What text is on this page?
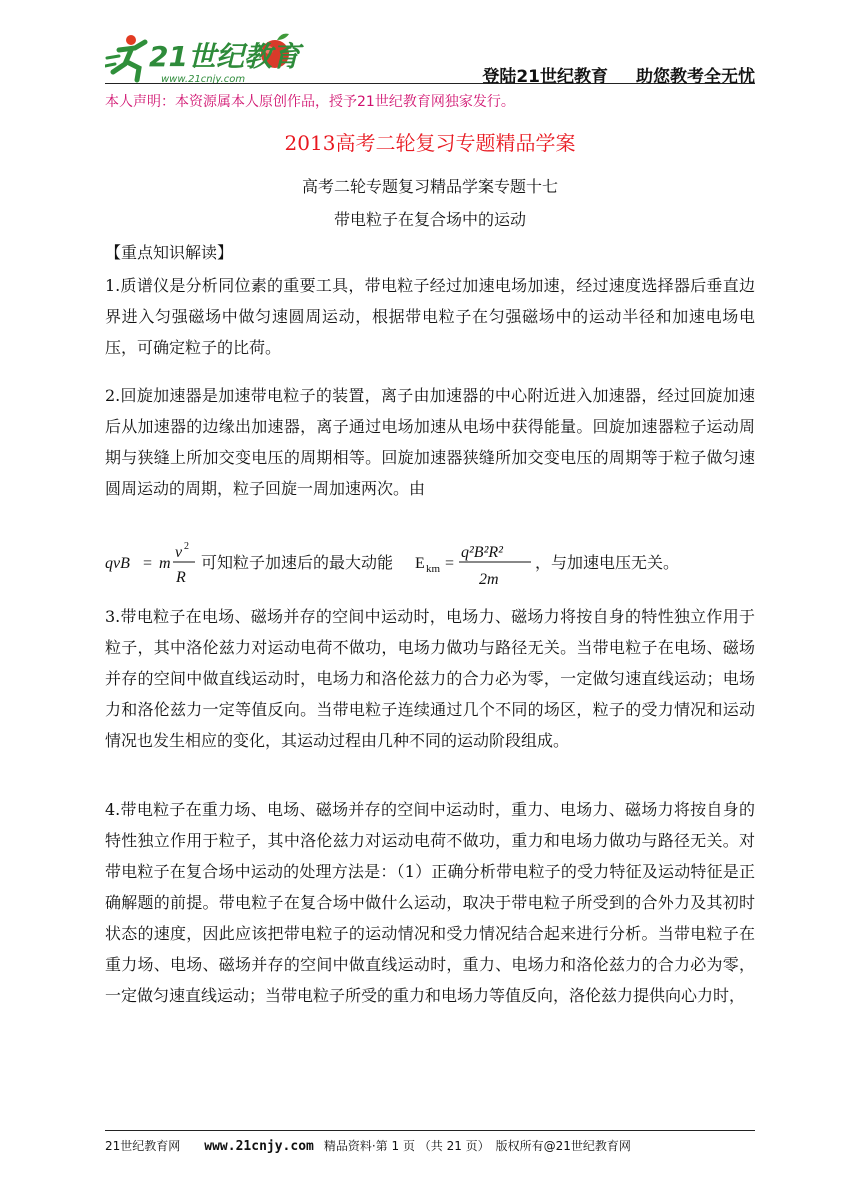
21世纪教育
www.21cnjy.com	登陆21世纪教育 助您教考全无忧
本人声明：本资源属本人原创作品，授予21世纪教育网独家发行。
2013高考二轮复习专题精品学案
高考二轮专题复习精品学案专题十七
带电粒子在复合场中的运动
【重点知识解读】

1.质谱仪是分析同位素的重要工具，带电粒子经过加速电场加速，经过速度选择器后垂直边界进入匀强磁场中做匀速圆周运动，根据带电粒子在匀强磁场中的运动半径和加速电场电压，可确定粒子的比荷。

2.回旋加速器是加速带电粒子的装置，离子由加速器的中心附近进入加速器，经过回旋加速后从加速器的边缘出加速器，离子通过电场加速从电场中获得能量。回旋加速器粒子运动周期与狭缝上所加交变电压的周期相等。回旋加速器狭缝所加交变电压的周期等于粒子做匀速圆周运动的周期，粒子回旋一周加速两次。由

qvB = m
v 2
R
可知粒子加速后的最大动能 E km =
q²B²R²
2m
，与加速电压无关。

3.带电粒子在电场、磁场并存的空间中运动时，电场力、磁场力将按自身的特性独立作用于粒子，其中洛伦兹力对运动电荷不做功，电场力做功与路径无关。当带电粒子在电场、磁场并存的空间中做直线运动时，电场力和洛伦兹力的合力必为零，一定做匀速直线运动；电场力和洛伦兹力一定等值反向。当带电粒子连续通过几个不同的场区，粒子的受力情况和运动情况也发生相应的变化，其运动过程由几种不同的运动阶段组成。

4.带电粒子在重力场、电场、磁场并存的空间中运动时，重力、电场力、磁场力将按自身的特性独立作用于粒子，其中洛伦兹力对运动电荷不做功，重力和电场力做功与路径无关。对带电粒子在复合场中运动的处理方法是：（1）正确分析带电粒子的受力特征及运动特征是正确解题的前提。带电粒子在复合场中做什么运动，取决于带电粒子所受到的合外力及其初时状态的速度，因此应该把带电粒子的运动情况和受力情况结合起来进行分析。当带电粒子在重力场、电场、磁场并存的空间中做直线运动时，重力、电场力和洛伦兹力的合力必为零，一定做匀速直线运动；当带电粒子所受的重力和电场力等值反向，洛伦兹力提供向心力时，

21世纪教育网 www.21cnjy.com 精品资料·第 1 页 （共 21 页） 版权所有@21世纪教育网
